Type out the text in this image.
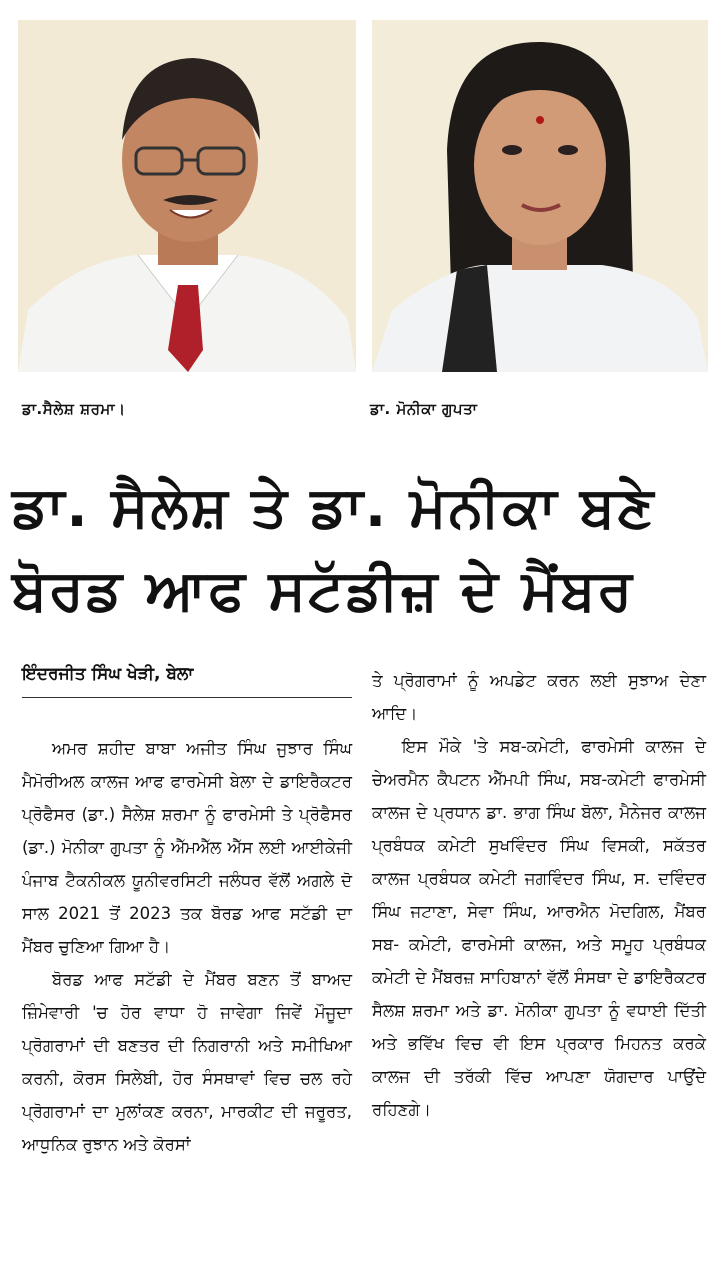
ਡਾ.ਸੈਲੇਸ਼ ਸ਼ਰਮਾ।	ਡਾ. ਮੋਨੀਕਾ ਗੁਪਤਾ
ਡਾ. ਸੈਲੇਸ਼ ਤੇ ਡਾ. ਮੋਨੀਕਾ ਬਣੇ
ਬੋਰਡ ਆਫ ਸਟੱਡੀਜ਼ ਦੇ ਮੈਂਬਰ
ਇੰਦਰਜੀਤ ਸਿੰਘ ਖੇੜੀ, ਬੇਲਾ

ਅਮਰ ਸ਼ਹੀਦ ਬਾਬਾ ਅਜੀਤ ਸਿੰਘ ਜੁਝਾਰ ਸਿੰਘ ਮੈਮੋਰੀਅਲ ਕਾਲਜ ਆਫ ਫਾਰਮੇਸੀ ਬੇਲਾ ਦੇ ਡਾਇਰੈਕਟਰ ਪ੍ਰੋਫੈਸਰ (ਡਾ.) ਸੈਲੇਸ਼ ਸ਼ਰਮਾ ਨੂੰ ਫਾਰਮੇਸੀ ਤੇ ਪ੍ਰੋਫੈਸਰ (ਡਾ.) ਮੋਨੀਕਾ ਗੁਪਤਾ ਨੂੰ ਐੱਮਐੱਲ ਐੱਸ ਲਈ ਆਈਕੇਜੀ ਪੰਜਾਬ ਟੈਕਨੀਕਲ ਯੂਨੀਵਰਸਿਟੀ ਜਲੰਧਰ ਵੱਲੋਂ ਅਗਲੇ ਦੋ ਸਾਲ 2021 ਤੋਂ 2023 ਤਕ ਬੋਰਡ ਆਫ ਸਟੱਡੀ ਦਾ ਮੈਂਬਰ ਚੁਣਿਆ ਗਿਆ ਹੈ।

ਬੋਰਡ ਆਫ ਸਟੱਡੀ ਦੇ ਮੈਂਬਰ ਬਣਨ ਤੋਂ ਬਾਅਦ ਜ਼ਿੰਮੇਵਾਰੀ 'ਚ ਹੋਰ ਵਾਧਾ ਹੋ ਜਾਵੇਗਾ ਜਿਵੇਂ ਮੌਜੂਦਾ ਪ੍ਰੋਗਰਾਮਾਂ ਦੀ ਬਣਤਰ ਦੀ ਨਿਗਰਾਨੀ ਅਤੇ ਸਮੀਖਿਆ ਕਰਨੀ, ਕੋਰਸ ਸਿਲੇਬੀ, ਹੋਰ ਸੰਸਥਾਵਾਂ ਵਿਚ ਚਲ ਰਹੇ ਪ੍ਰੋਗਰਾਮਾਂ ਦਾ ਮੁਲਾਂਕਣ ਕਰਨਾ, ਮਾਰਕੀਟ ਦੀ ਜਰੂਰਤ, ਆਧੁਨਿਕ ਰੁਝਾਨ ਅਤੇ ਕੋਰਸਾਂ

ਤੇ ਪ੍ਰੋਗਰਾਮਾਂ ਨੂੰ ਅਪਡੇਟ ਕਰਨ ਲਈ ਸੁਝਾਅ ਦੇਣਾ ਆਦਿ।

ਇਸ ਮੌਕੇ 'ਤੇ ਸਬ-ਕਮੇਟੀ, ਫਾਰਮੇਸੀ ਕਾਲਜ ਦੇ ਚੇਅਰਮੈਨ ਕੈਪਟਨ ਐੱਮਪੀ ਸਿੰਘ, ਸਬ-ਕਮੇਟੀ ਫਾਰਮੇਸੀ ਕਾਲਜ ਦੇ ਪ੍ਰਧਾਨ ਡਾ. ਭਾਗ ਸਿੰਘ ਬੋਲਾ, ਮੈਨੇਜਰ ਕਾਲਜ ਪ੍ਰਬੰਧਕ ਕਮੇਟੀ ਸੁਖਵਿੰਦਰ ਸਿੰਘ ਵਿਸਕੀ, ਸਕੱਤਰ ਕਾਲਜ ਪ੍ਰਬੰਧਕ ਕਮੇਟੀ ਜਗਵਿੰਦਰ ਸਿੰਘ, ਸ. ਦਵਿੰਦਰ ਸਿੰਘ ਜਟਾਣਾ, ਸੇਵਾ ਸਿੰਘ, ਆਰਐਨ ਮੋਦਗਿਲ, ਮੈਂਬਰ ਸਬ- ਕਮੇਟੀ, ਫਾਰਮੇਸੀ ਕਾਲਜ, ਅਤੇ ਸਮੂਹ ਪ੍ਰਬੰਧਕ ਕਮੇਟੀ ਦੇ ਮੈਂਬਰਜ਼ ਸਾਹਿਬਾਨਾਂ ਵੱਲੋਂ ਸੰਸਥਾ ਦੇ ਡਾਇਰੈਕਟਰ ਸੈਲਸ਼ ਸ਼ਰਮਾ ਅਤੇ ਡਾ. ਮੋਨੀਕਾ ਗੁਪਤਾ ਨੂੰ ਵਧਾਈ ਦਿੱਤੀ ਅਤੇ ਭਵਿੱਖ ਵਿਚ ਵੀ ਇਸ ਪ੍ਰਕਾਰ ਮਿਹਨਤ ਕਰਕੇ ਕਾਲਜ ਦੀ ਤਰੱਕੀ ਵਿੱਚ ਆਪਣਾ ਯੋਗਦਾਰ ਪਾਉਂਦੇ ਰਹਿਣਗੇ।
